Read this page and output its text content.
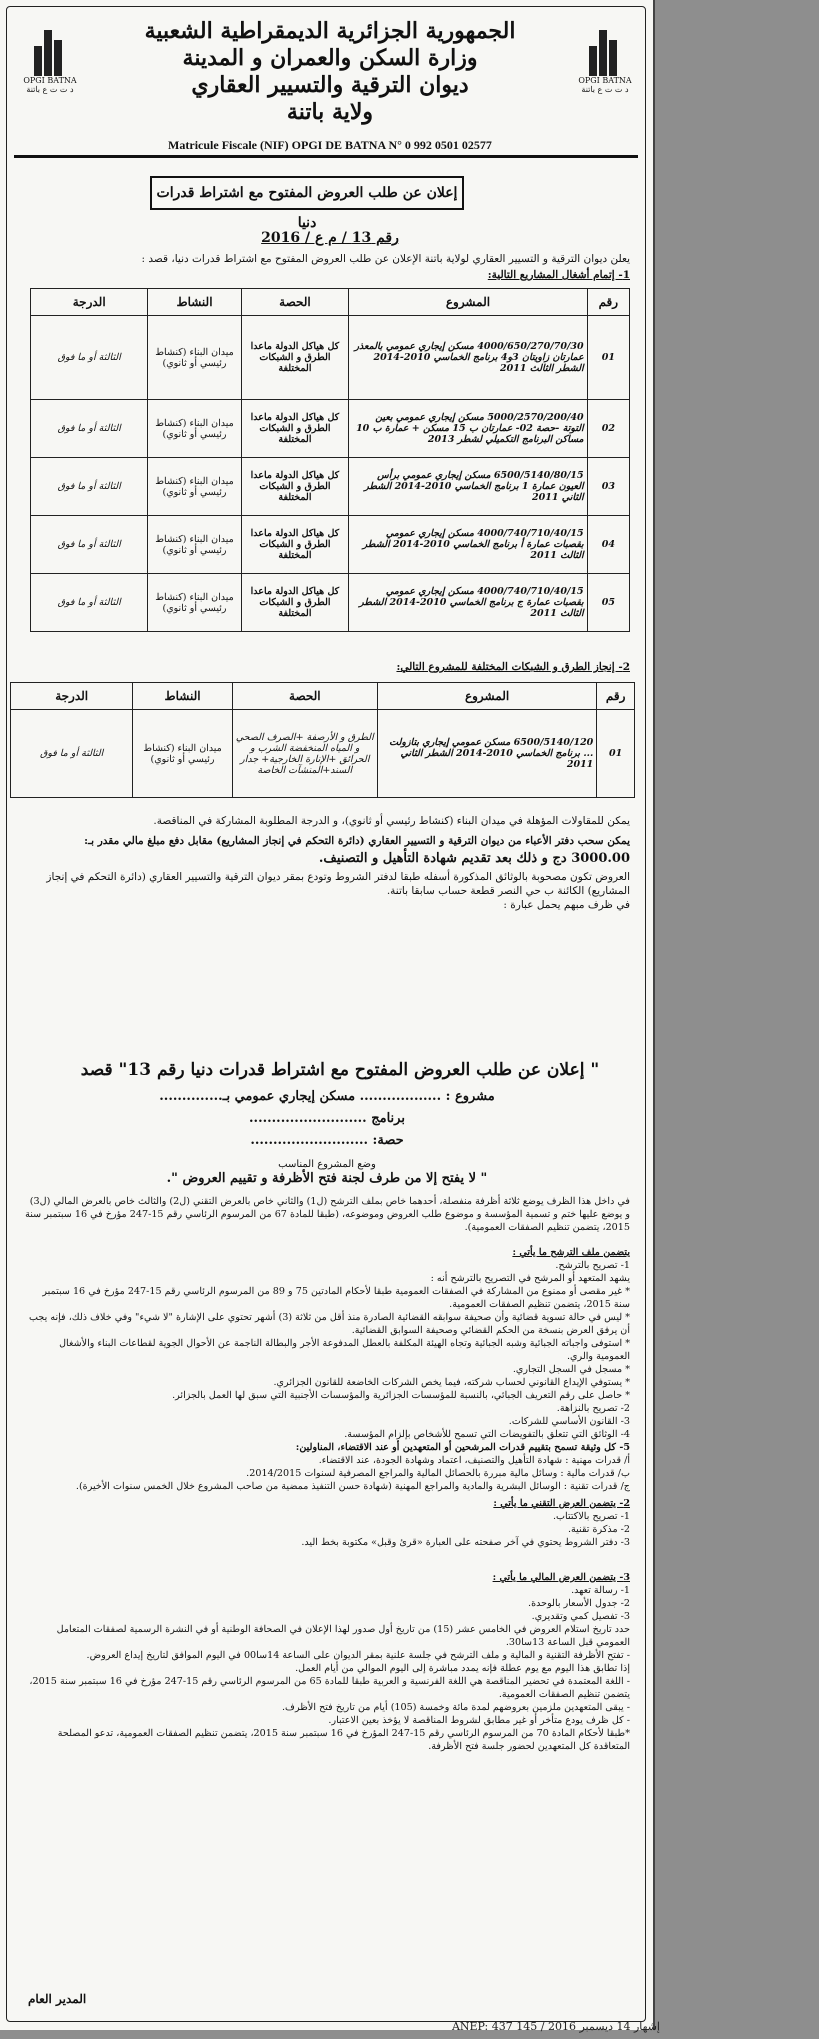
OPGI BATNA
د ت ت ع باتنة
OPGI BATNA
د ت ت ع باتنة
الجمهورية الجزائرية الديمقراطية الشعبية
وزارة السكن والعمران و المدينة
ديوان الترقية والتسيير العقاري
ولاية باتنة
Matricule Fiscale (NIF) OPGI DE BATNA N° 0 992 0501 02577
إعلان عن طلب العروض المفتوح مع اشتراط قدرات دنيا
رقم 13 / م ع / 2016
يعلن ديوان الترقية و التسيير العقاري لولاية باتنة الإعلان عن طلب العروض المفتوح مع اشتراط قدرات دنيا، قصد :
1- إتمام أشغال المشاريع التالية:
رقم	المشروع	الحصة	النشاط	الدرجة
01	4000/650/270/70/30 مسكن إيجاري عمومي بالمعذر عمارتان زاويتان 3و4 برنامج الخماسي 2010-2014 الشطر الثالث 2011	كل هياكل الدولة ماعدا الطرق و الشبكات المختلفة	ميدان البناء (كنشاط رئيسي أو ثانوي)	الثالثة أو ما فوق
02	5000/2570/200/40 مسكن إيجاري عمومي بعين التوتة -حصة 02- عمارتان ب 15 مسكن + عمارة ب 10 مساكن البرنامج التكميلي لشطر 2013	كل هياكل الدولة ماعدا الطرق و الشبكات المختلفة	ميدان البناء (كنشاط رئيسي أو ثانوي)	الثالثة أو ما فوق
03	6500/5140/80/15 مسكن إيجاري عمومي برأس العيون عمارة 1 برنامج الخماسي 2010-2014 الشطر الثاني 2011	كل هياكل الدولة ماعدا الطرق و الشبكات المختلفة	ميدان البناء (كنشاط رئيسي أو ثانوي)	الثالثة أو ما فوق
04	4000/740/710/40/15 مسكن إيجاري عمومي بقصبات عمارة أ برنامج الخماسي 2010-2014 الشطر الثالث 2011	كل هياكل الدولة ماعدا الطرق و الشبكات المختلفة	ميدان البناء (كنشاط رئيسي أو ثانوي)	الثالثة أو ما فوق
05	4000/740/710/40/15 مسكن إيجاري عمومي بقصبات عمارة ج برنامج الخماسي 2010-2014 الشطر الثالث 2011	كل هياكل الدولة ماعدا الطرق و الشبكات المختلفة	ميدان البناء (كنشاط رئيسي أو ثانوي)	الثالثة أو ما فوق
2- إنجاز الطرق و الشبكات المختلفة للمشروع التالي:
رقم	المشروع	الحصة	النشاط	الدرجة
01	6500/5140/120 مسكن عمومي إيجاري بتازولت ... برنامج الخماسي 2010-2014 الشطر الثاني 2011	الطرق و الأرصفة +الصرف الصحي و المياه المنخفضة الشرب و الحرائق +الإنارة الخارجية+ جدار السند+المنشآت الخاصة	ميدان البناء (كنشاط رئيسي أو ثانوي)	الثالثة أو ما فوق
يمكن للمقاولات المؤهلة في ميدان البناء (كنشاط رئيسي أو ثانوي)، و الدرجة المطلوبة المشاركة في المناقصة.
يمكن سحب دفتر الأعباء من ديوان الترقية و التسيير العقاري (دائرة التحكم في إنجاز المشاريع) مقابل دفع مبلغ مالي مقدر بـ:
3000.00 دج و ذلك بعد تقديم شهادة التأهيل و التصنيف.
العروض تكون مصحوبة بالوثائق المذكورة أسفله طبقا لدفتر الشروط وتودع بمقر ديوان الترقية والتسيير العقاري (دائرة التحكم في إنجاز المشاريع) الكائنة ب حي النصر قطعة حساب سابقا باتنة.
في ظرف مبهم يحمل عبارة :
" إعلان عن طلب العروض المفتوح مع اشتراط قدرات دنيا رقم 13" قصد
مشروع : .................. مسكن إيجاري عمومي بـ..............
برنامج ..........................
حصة: ..........................
وضع المشروع المناسب
" لا يفتح إلا من طرف لجنة فتح الأظرفة و تقييم العروض ".
في داخل هذا الظرف يوضع ثلاثة أظرفة منفصلة، أحدهما خاص بملف الترشح (ل1) والثاني خاص بالعرض التقني (ل2) والثالث خاص بالعرض المالي (ل3) و يوضع عليها ختم و تسمية المؤسسة و موضوع طلب العروض وموضوعه، (طبقا للمادة 67 من المرسوم الرئاسي رقم 15-247 مؤرخ في 16 سبتمبر سنة 2015، يتضمن تنظيم الصفقات العمومية).
يتضمن ملف الترشح ما يأتي :
1- تصريح بالترشح.
يشهد المتعهد أو المرشح في التصريح بالترشح أنه :
* غير مقصى أو ممنوع من المشاركة في الصفقات العمومية طبقا لأحكام المادتين 75 و 89 من المرسوم الرئاسي رقم 15-247 مؤرخ في 16 سبتمبر سنة 2015، يتضمن تنظيم الصفقات العمومية.
* ليس في حالة تسوية قضائية وأن صحيفة سوابقه القضائية الصادرة منذ أقل من ثلاثة (3) أشهر تحتوي على الإشارة "لا شيء" وفي خلاف ذلك، فإنه يجب أن يرفق العرض بنسخة من الحكم القضائي وصحيفة السوابق القضائية.
* استوفى واجباته الجبائية وشبه الجبائية وتجاه الهيئة المكلفة بالعطل المدفوعة الأجر والبطالة الناجمة عن الأحوال الجوية لقطاعات البناء والأشغال العمومية والري.
* مسجل في السجل التجاري.
* يستوفي الإيداع القانوني لحساب شركته، فيما يخص الشركات الخاضعة للقانون الجزائري.
* حاصل على رقم التعريف الجبائي، بالنسبة للمؤسسات الجزائرية والمؤسسات الأجنبية التي سبق لها العمل بالجزائر.
2- تصريح بالنزاهة.
3- القانون الأساسي للشركات.
4- الوثائق التي تتعلق بالتفويضات التي تسمح للأشخاص بإلزام المؤسسة.
5- كل وثيقة تسمح بتقييم قدرات المرشحين أو المتعهدين أو عند الاقتضاء، المناولين:
أ/ قدرات مهنية : شهادة التأهيل والتصنيف، اعتماد وشهادة الجودة، عند الاقتضاء.
ب/ قدرات مالية : وسائل مالية مبررة بالحصائل المالية والمراجع المصرفية لسنوات 2014/2015.
ج/ قدرات تقنية : الوسائل البشرية والمادية والمراجع المهنية (شهادة حسن التنفيذ ممضية من صاحب المشروع خلال الخمس سنوات الأخيرة).
2- يتضمن العرض التقني ما يأتي :
1- تصريح بالاكتتاب.
2- مذكرة تقنية.
3- دفتر الشروط يحتوي في آخر صفحته على العبارة «قرئ وقبل» مكتوبة بخط اليد.
3- يتضمن العرض المالي ما يأتي :
1- رسالة تعهد.
2- جدول الأسعار بالوحدة.
3- تفصيل كمي وتقديري.
حدد تاريخ استلام العروض في الخامس عشر (15) من تاريخ أول صدور لهذا الإعلان في الصحافة الوطنية أو في النشرة الرسمية لصفقات المتعامل العمومي قبل الساعة 13سا30.
- تفتح الأظرفة التقنية و المالية و ملف الترشح في جلسة علنية بمقر الديوان على الساعة 14سا00 في اليوم الموافق لتاريخ إيداع العروض.
إذا تطابق هذا اليوم مع يوم عطلة فإنه يمدد مباشرة إلى اليوم الموالي من أيام العمل.
- اللغة المعتمدة في تحضير المناقصة هي اللغة الفرنسية و العربية طبقا للمادة 65 من المرسوم الرئاسي رقم 15-247 مؤرخ في 16 سبتمبر سنة 2015، يتضمن تنظيم الصفقات العمومية.
- يبقى المتعهدين ملزمين بعروضهم لمدة مائة وخمسة (105) أيام من تاريخ فتح الأظرف.
- كل ظرف يودع متأخر أو غير مطابق لشروط المناقصة لا يؤخذ بعين الاعتبار.
*طبقا لأحكام المادة 70 من المرسوم الرئاسي رقم 15-247 المؤرخ في 16 سبتمبر سنة 2015، يتضمن تنظيم الصفقات العمومية، تدعو المصلحة المتعاقدة كل المتعهدين لحضور جلسة فتح الأظرفة.
المدير العام
إشهار 14 ديسمبر 2016 / ANEP: 437 145
